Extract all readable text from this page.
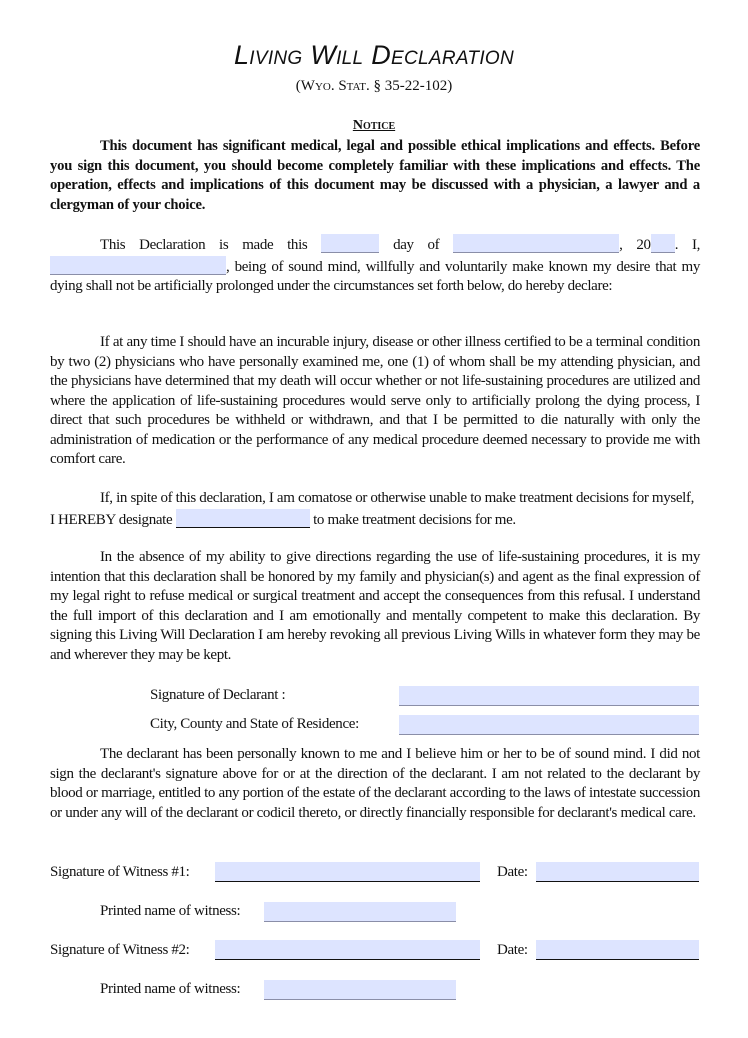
Living Will Declaration
(Wyo. Stat. § 35-22-102)
Notice
This document has significant medical, legal and possible ethical implications and effects. Before you sign this document, you should become completely familiar with these implications and effects. The operation, effects and implications of this document may be discussed with a physician, a lawyer and a clergyman of your choice.
This Declaration is made this	day of	, 20 . I, , being of sound mind, willfully and voluntarily make known my desire that my dying shall not be artificially prolonged under the circumstances set forth below, do hereby declare:
If at any time I should have an incurable injury, disease or other illness certified to be a terminal condition by two (2) physicians who have personally examined me, one (1) of whom shall be my attending physician, and the physicians have determined that my death will occur whether or not life-sustaining procedures are utilized and where the application of life-sustaining procedures would serve only to artificially prolong the dying process, I direct that such procedures be withheld or withdrawn, and that I be permitted to die naturally with only the administration of medication or the performance of any medical procedure deemed necessary to provide me with comfort care.
If, in spite of this declaration, I am comatose or otherwise unable to make treatment decisions for myself, I HEREBY designate	to make treatment decisions for me.
In the absence of my ability to give directions regarding the use of life-sustaining procedures, it is my intention that this declaration shall be honored by my family and physician(s) and agent as the final expression of my legal right to refuse medical or surgical treatment and accept the consequences from this refusal. I understand the full import of this declaration and I am emotionally and mentally competent to make this declaration. By signing this Living Will Declaration I am hereby revoking all previous Living Wills in whatever form they may be and wherever they may be kept.
Signature of Declarant :
City, County and State of Residence:
The declarant has been personally known to me and I believe him or her to be of sound mind. I did not sign the declarant's signature above for or at the direction of the declarant. I am not related to the declarant by blood or marriage, entitled to any portion of the estate of the declarant according to the laws of intestate succession or under any will of the declarant or codicil thereto, or directly financially responsible for declarant's medical care.
Signature of Witness #1:	Date:
Printed name of witness:
Signature of Witness #2:	Date:
Printed name of witness:
